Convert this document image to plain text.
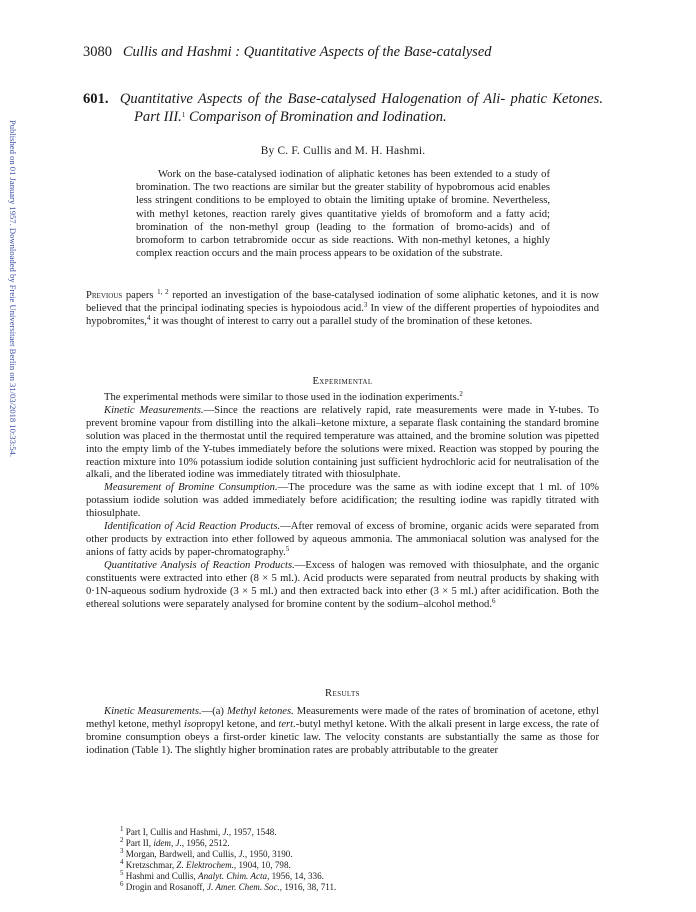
Published on 01 January 1957. Downloaded by Freie Universitaet Berlin on 31/03/2018 10:33:54.
3080 Cullis and Hashmi : Quantitative Aspects of the Base-catalysed
601. Quantitative Aspects of the Base-catalysed Halogenation of Ali- phatic Ketones. Part III.$^1$ Comparison of Bromination and Iodination.
By C. F. Cullis and M. H. Hashmi.
Work on the base-catalysed iodination of aliphatic ketones has been extended to a study of bromination. The two reactions are similar but the greater stability of hypobromous acid enables less stringent conditions to be employed to obtain the limiting uptake of bromine. Nevertheless, with methyl ketones, reaction rarely gives quantitative yields of bromoform and a fatty acid; bromination of the non-methyl group (leading to the formation of bromo-acids) and of bromoform to carbon tetrabromide occur as side reactions. With non-methyl ketones, a highly complex reaction occurs and the main process appears to be oxidation of the substrate.

Previous papers $^{1, 2}$ reported an investigation of the base-catalysed iodination of some aliphatic ketones, and it is now believed that the principal iodinating species is hypoiodous acid.$^3$ In view of the different properties of hypoiodites and hypobromites,$^4$ it was thought of interest to carry out a parallel study of the bromination of these ketones.

Experimental

The experimental methods were similar to those used in the iodination experiments.$^2$

Kinetic Measurements.—Since the reactions are relatively rapid, rate measurements were made in Y-tubes. To prevent bromine vapour from distilling into the alkali–ketone mixture, a separate flask containing the standard bromine solution was placed in the thermostat until the required temperature was attained, and the bromine solution was pipetted into the empty limb of the Y-tubes immediately before the solutions were mixed. Reaction was stopped by pouring the reaction mixture into 10% potassium iodide solution containing just sufficient hydrochloric acid for neutralisation of the alkali, and the liberated iodine was immediately titrated with thiosulphate.

Measurement of Bromine Consumption.—The procedure was the same as with iodine except that 1 ml. of 10% potassium iodide solution was added immediately before acidification; the resulting iodine was rapidly titrated with thiosulphate.

Identification of Acid Reaction Products.—After removal of excess of bromine, organic acids were separated from other products by extraction into ether followed by aqueous ammonia. The ammoniacal solution was analysed for the anions of fatty acids by paper-chromatography.$^5$

Quantitative Analysis of Reaction Products.—Excess of halogen was removed with thiosulphate, and the organic constituents were extracted into ether (8 × 5 ml.). Acid products were separated from neutral products by shaking with 0·1N-aqueous sodium hydroxide (3 × 5 ml.) and then extracted back into ether (3 × 5 ml.) after acidification. Both the ethereal solutions were separately analysed for bromine content by the sodium–alcohol method.$^6$

Results

Kinetic Measurements.—(a) Methyl ketones. Measurements were made of the rates of bromination of acetone, ethyl methyl ketone, methyl isopropyl ketone, and tert.-butyl methyl ketone. With the alkali present in large excess, the rate of bromine consumption obeys a first-order kinetic law. The velocity constants are substantially the same as those for iodination (Table 1). The slightly higher bromination rates are probably attributable to the greater

$^1$ Part I, Cullis and Hashmi, J., 1957, 1548.
$^2$ Part II, idem, J., 1956, 2512.
$^3$ Morgan, Bardwell, and Cullis, J., 1950, 3190.
$^4$ Kretzschmar, Z. Elektrochem., 1904, 10, 798.
$^5$ Hashmi and Cullis, Analyt. Chim. Acta, 1956, 14, 336.
$^6$ Drogin and Rosanoff, J. Amer. Chem. Soc., 1916, 38, 711.
